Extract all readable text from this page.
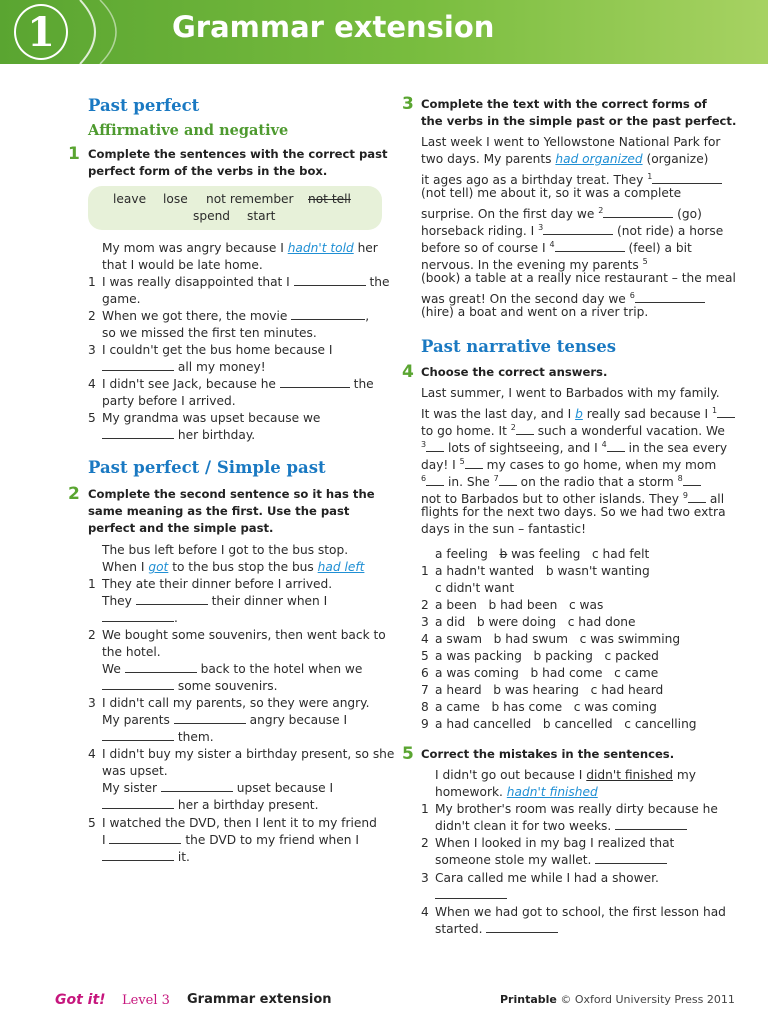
1	Grammar extension
Past perfect
Affirmative and negative
1 Complete the sentences with the correct past
perfect form of the verbs in the box.
leave lose not remember not tell
spend start
My mom was angry because I hadn't told her
that I would be late home.
1 I was really disappointed that I	the
game.
2 When we got there, the movie	,
so we missed the first ten minutes.
3 I couldn't get the bus home because I
all my money!
4 I didn't see Jack, because he	the
party before I arrived.
5 My grandma was upset because we
her birthday.
Past perfect / Simple past
2 Complete the second sentence so it has the
same meaning as the first. Use the past
perfect and the simple past.
The bus left before I got to the bus stop.
When I got to the bus stop the bus had left
1 They ate their dinner before I arrived.
They	their dinner when I
.
2 We bought some souvenirs, then went back to
the hotel.
We	back to the hotel when we
some souvenirs.
3 I didn't call my parents, so they were angry.
My parents	angry because I
them.
4 I didn't buy my sister a birthday present, so she
was upset.
My sister	upset because I
her a birthday present.
5 I watched the DVD, then I lent it to my friend
I	the DVD to my friend when I
it.
3 Complete the text with the correct forms of
the verbs in the simple past or the past perfect.
Last week I went to Yellowstone National Park for
two days. My parents had organized (organize)
it ages ago as a birthday treat. They $^1$
(not tell) me about it, so it was a complete
surprise. On the first day we $^2$	(go)
horseback riding. I $^3$	(not ride) a horse
before so of course I $^4$	(feel) a bit
nervous. In the evening my parents $^5$
(book) a table at a really nice restaurant – the meal
was great! On the second day we $^6$
(hire) a boat and went on a river trip.
Past narrative tenses
4 Choose the correct answers.
Last summer, I went to Barbados with my family.
It was the last day, and I b really sad because I $^1$
to go home. It $^2$ such a wonderful vacation. We
$^3$ lots of sightseeing, and I $^4$ in the sea every
day! I $^5$ my cases to go home, when my mom
$^6$ in. She $^7$ on the radio that a storm $^8$
not to Barbados but to other islands. They $^9$ all
flights for the next two days. So we had two extra
days in the sun – fantastic!
a feeling b was feeling c had felt
1 a hadn't wanted b wasn't wanting
c didn't want
2 a been b had been c was
3 a did b were doing c had done
4 a swam b had swum c was swimming
5 a was packing b packing c packed
6 a was coming b had come c came
7 a heard b was hearing c had heard
8 a came b has come c was coming
9 a had cancelled b cancelled c cancelling
5 Correct the mistakes in the sentences.
I didn't go out because I didn't finished my
homework. hadn't finished
1 My brother's room was really dirty because he
didn't clean it for two weeks.
2 When I looked in my bag I realized that
someone stole my wallet.
3 Cara called me while I had a shower.
4 When we had got to school, the first lesson had
started.
Got it! Level 3 Grammar extension	Printable © Oxford University Press 2011
